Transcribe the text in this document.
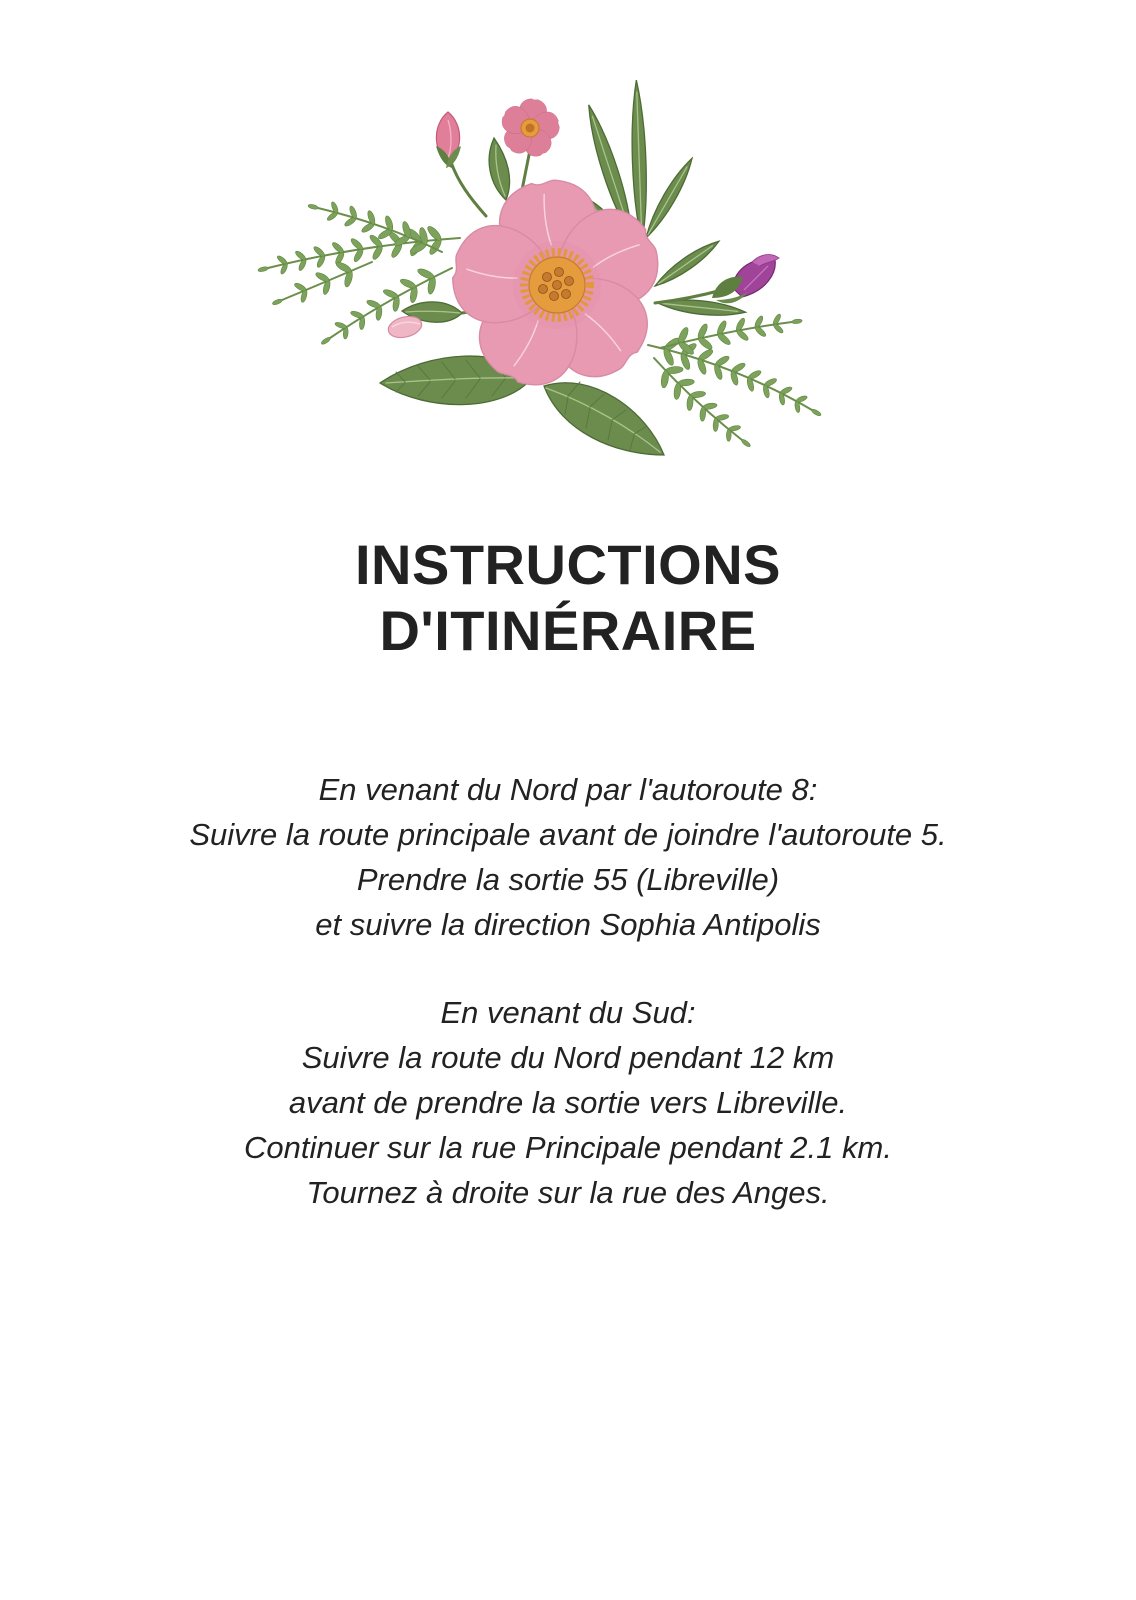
INSTRUCTIONS
D'ITINÉRAIRE
En venant du Nord par l'autoroute 8:
Suivre la route principale avant de joindre l'autoroute 5.
Prendre la sortie 55 (Libreville)
et suivre la direction Sophia Antipolis
En venant du Sud:
Suivre la route du Nord pendant 12 km
avant de prendre la sortie vers Libreville.
Continuer sur la rue Principale pendant 2.1 km.
Tournez à droite sur la rue des Anges.
